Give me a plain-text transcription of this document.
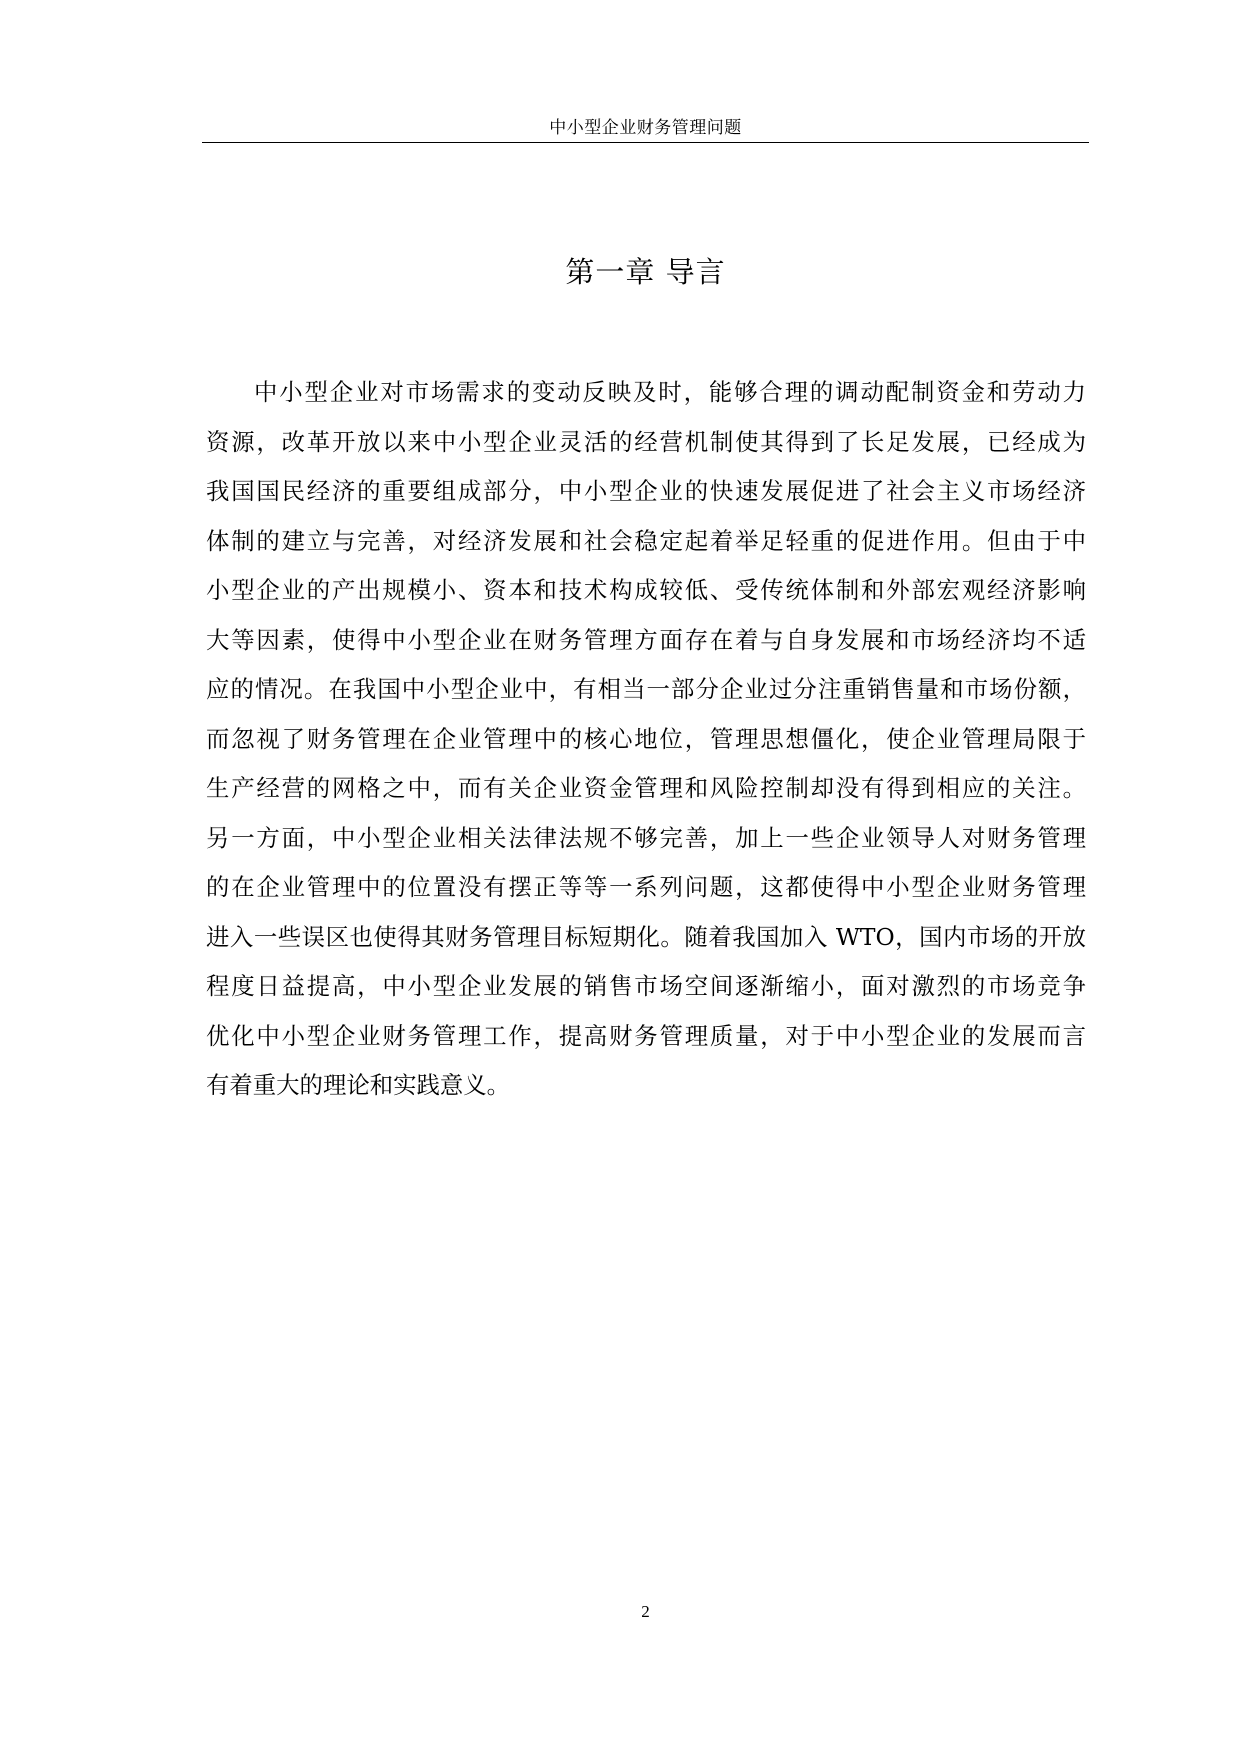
中小型企业财务管理问题
第一章 导言
中小型企业对市场需求的变动反映及时，能够合理的调动配制资金和劳动力
资源，改革开放以来中小型企业灵活的经营机制使其得到了长足发展，已经成为
我国国民经济的重要组成部分，中小型企业的快速发展促进了社会主义市场经济
体制的建立与完善，对经济发展和社会稳定起着举足轻重的促进作用。但由于中
小型企业的产出规模小、资本和技术构成较低、受传统体制和外部宏观经济影响
大等因素，使得中小型企业在财务管理方面存在着与自身发展和市场经济均不适
应的情况。在我国中小型企业中，有相当一部分企业过分注重销售量和市场份额，
而忽视了财务管理在企业管理中的核心地位，管理思想僵化，使企业管理局限于
生产经营的网格之中，而有关企业资金管理和风险控制却没有得到相应的关注。
另一方面，中小型企业相关法律法规不够完善，加上一些企业领导人对财务管理
的在企业管理中的位置没有摆正等等一系列问题，这都使得中小型企业财务管理
进入一些误区也使得其财务管理目标短期化。随着我国加入 WTO，国内市场的开放
程度日益提高，中小型企业发展的销售市场空间逐渐缩小，面对激烈的市场竞争
优化中小型企业财务管理工作，提高财务管理质量，对于中小型企业的发展而言
有着重大的理论和实践意义。
2
